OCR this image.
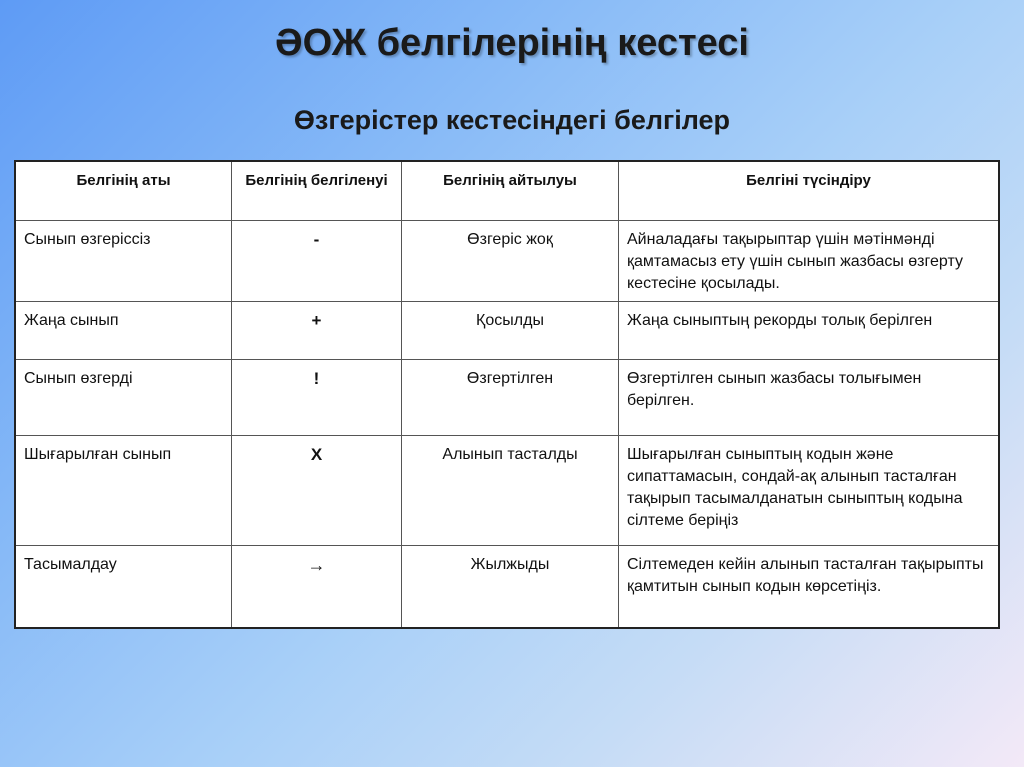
ӘОЖ белгілерінің кестесі
Өзгерістер кестесіндегі белгілер
Белгінің аты	Белгінің белгіленуі	Белгінің айтылуы	Белгіні түсіндіру
Сынып өзгерiссiз	-	Өзгеріс жоқ	Айналадағы тақырыптар үшін мәтінмәнді қамтамасыз ету үшін сынып жазбасы өзгерту кестесіне қосылады.
Жаңа сынып	+	Қосылды	Жаңа сыныптың рекорды толық берілген
Сынып өзгерді	!	Өзгертілген	Өзгертілген сынып жазбасы толығымен берілген.
Шығарылған сынып	X	Алынып тасталды	Шығарылған сыныптың кодын және сипаттамасын, сондай-ақ алынып тасталған тақырып тасымалданатын сыныптың кодына сілтеме беріңіз
Тасымалдау	→	Жылжыды	Сілтемеден кейін алынып тасталған тақырыпты қамтитын сынып кодын көрсетіңіз.
